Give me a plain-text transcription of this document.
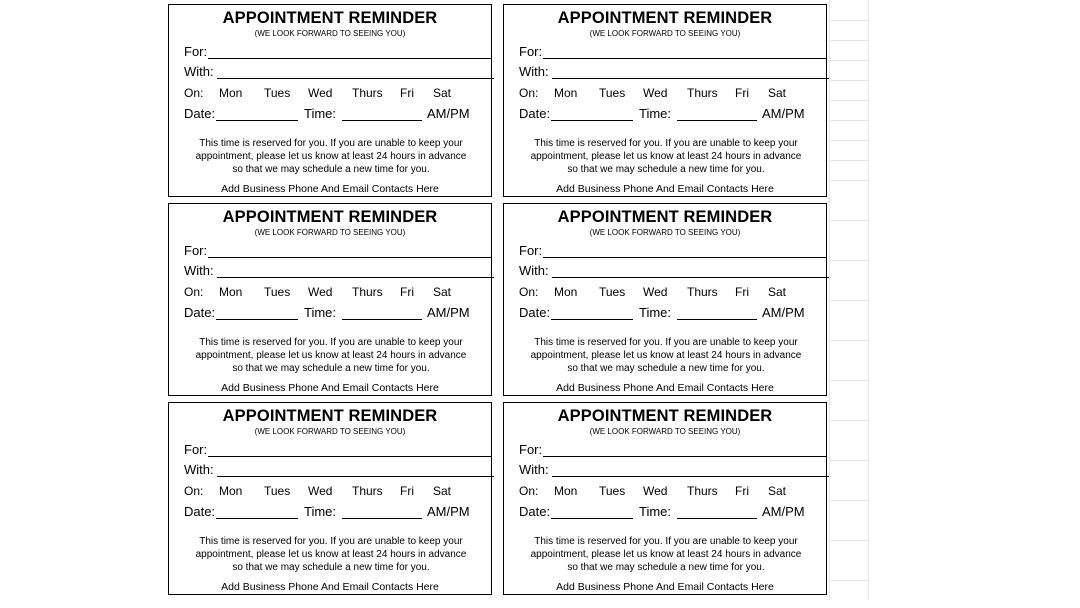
APPOINTMENT REMINDER
(WE LOOK FORWARD TO SEEING YOU)
For:
With:
On: Mon Tues Wed Thurs Fri Sat
Date:	Time:	AM/PM
This time is reserved for you. If you are unable to keep your
appointment, please let us know at least 24 hours in advance
so that we may schedule a new time for you.
Add Business Phone And Email Contacts Here
APPOINTMENT REMINDER
(WE LOOK FORWARD TO SEEING YOU)
For:
With:
On: Mon Tues Wed Thurs Fri Sat
Date:	Time:	AM/PM
This time is reserved for you. If you are unable to keep your
appointment, please let us know at least 24 hours in advance
so that we may schedule a new time for you.
Add Business Phone And Email Contacts Here
APPOINTMENT REMINDER
(WE LOOK FORWARD TO SEEING YOU)
For:
With:
On: Mon Tues Wed Thurs Fri Sat
Date:	Time:	AM/PM
This time is reserved for you. If you are unable to keep your
appointment, please let us know at least 24 hours in advance
so that we may schedule a new time for you.
Add Business Phone And Email Contacts Here
APPOINTMENT REMINDER
(WE LOOK FORWARD TO SEEING YOU)
For:
With:
On: Mon Tues Wed Thurs Fri Sat
Date:	Time:	AM/PM
This time is reserved for you. If you are unable to keep your
appointment, please let us know at least 24 hours in advance
so that we may schedule a new time for you.
Add Business Phone And Email Contacts Here
APPOINTMENT REMINDER
(WE LOOK FORWARD TO SEEING YOU)
For:
With:
On: Mon Tues Wed Thurs Fri Sat
Date:	Time:	AM/PM
This time is reserved for you. If you are unable to keep your
appointment, please let us know at least 24 hours in advance
so that we may schedule a new time for you.
Add Business Phone And Email Contacts Here
APPOINTMENT REMINDER
(WE LOOK FORWARD TO SEEING YOU)
For:
With:
On: Mon Tues Wed Thurs Fri Sat
Date:	Time:	AM/PM
This time is reserved for you. If you are unable to keep your
appointment, please let us know at least 24 hours in advance
so that we may schedule a new time for you.
Add Business Phone And Email Contacts Here
